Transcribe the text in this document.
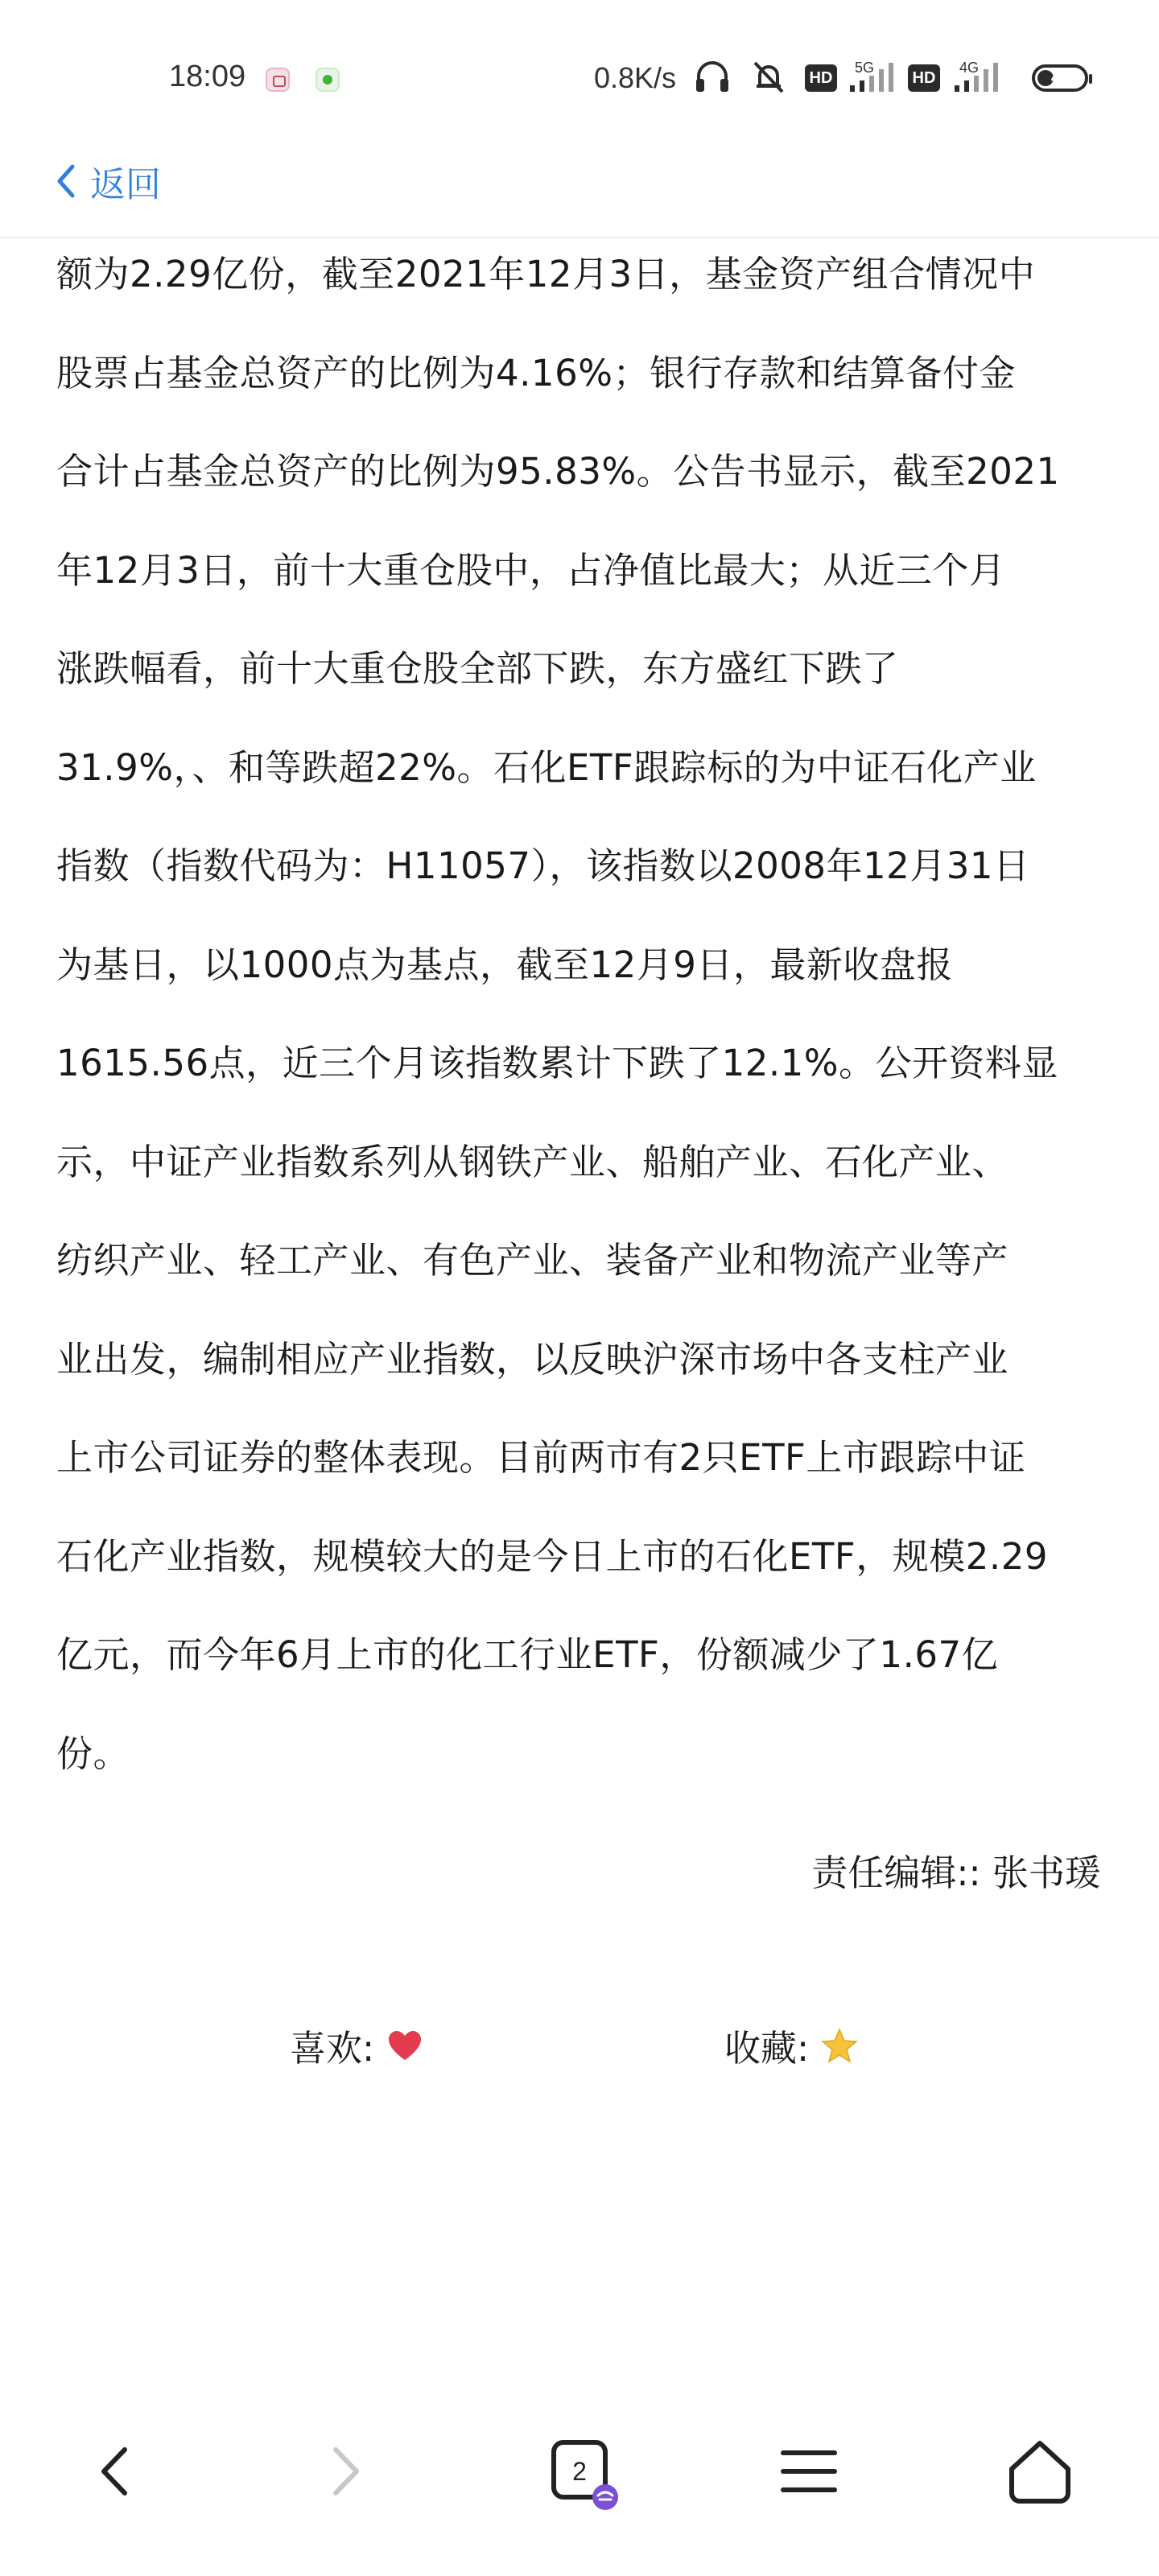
18:09	0.8K/s	HD
5G
HD
4G
42
返回
额为2.29亿份，截至2021年12月3日，基金资产组合情况中
股票占基金总资产的比例为4.16%；银行存款和结算备付金
合计占基金总资产的比例为95.83%。公告书显示，截至2021
年12月3日，前十大重仓股中，占净值比最大；从近三个月
涨跌幅看，前十大重仓股全部下跌，东方盛红下跌了
31.9%，、和等跌超22%。石化ETF跟踪标的为中证石化产业
指数（指数代码为：H11057），该指数以2008年12月31日
为基日，以1000点为基点，截至12月9日，最新收盘报
1615.56点，近三个月该指数累计下跌了12.1%。公开资料显
示，中证产业指数系列从钢铁产业、船舶产业、石化产业、
纺织产业、轻工产业、有色产业、装备产业和物流产业等产
业出发，编制相应产业指数，以反映沪深市场中各支柱产业
上市公司证券的整体表现。目前两市有2只ETF上市跟踪中证
石化产业指数，规模较大的是今日上市的石化ETF，规模2.29
亿元，而今年6月上市的化工行业ETF，份额减少了1.67亿
份。
责任编辑:: 张书瑗
喜欢:	收藏:
2
